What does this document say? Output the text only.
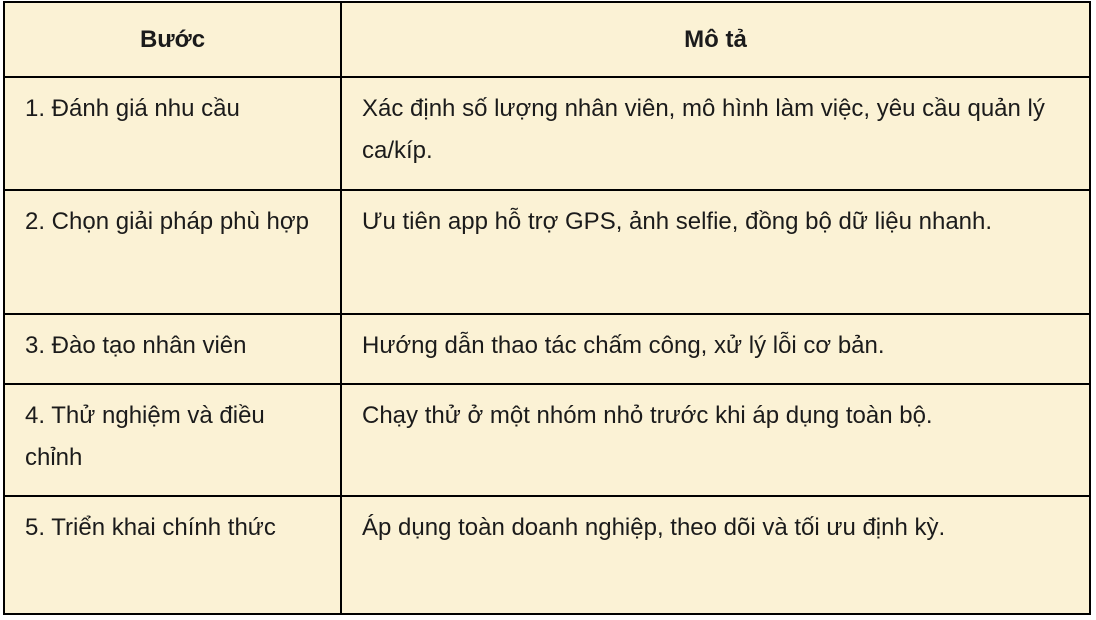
Bước	Mô tả
1. Đánh giá nhu cầu	Xác định số lượng nhân viên, mô hình làm việc, yêu cầu quản lý ca/kíp.
2. Chọn giải pháp phù hợp	Ưu tiên app hỗ trợ GPS, ảnh selfie, đồng bộ dữ liệu nhanh.
3. Đào tạo nhân viên	Hướng dẫn thao tác chấm công, xử lý lỗi cơ bản.
4. Thử nghiệm và điều chỉnh	Chạy thử ở một nhóm nhỏ trước khi áp dụng toàn bộ.
5. Triển khai chính thức	Áp dụng toàn doanh nghiệp, theo dõi và tối ưu định kỳ.
